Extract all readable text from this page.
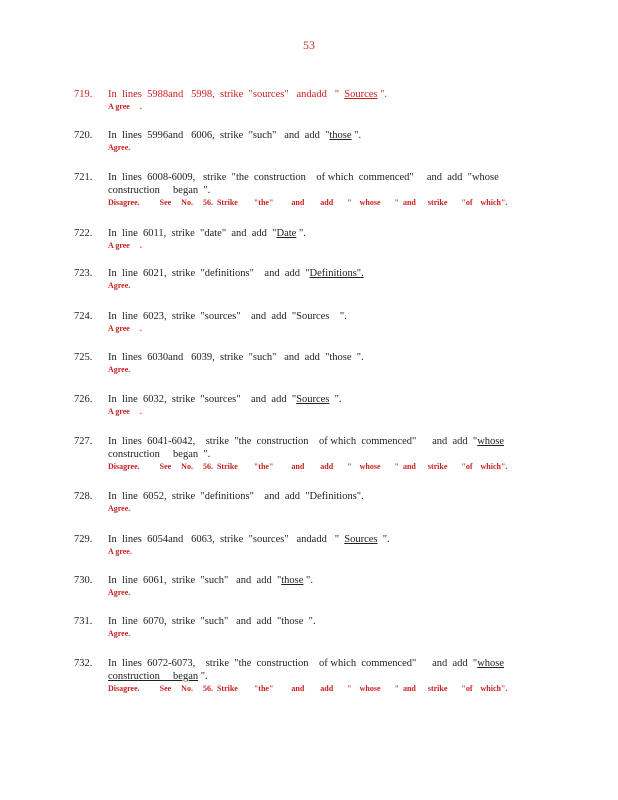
53
719.	In  lines  5988and   5998,  strike  "sources"   andadd   "  Sources ".
A gree     .
720.	In  lines  5996and   6006,  strike  "such"   and  add  "those ".
Agree.
721.	In  lines  6008-6009,   strike  "the  construction    of which  commenced"     and  add  "whose
construction     began  ".
Disagree.          See     No.     56.  Strike        "the"         and        add       "    whose       "  and      strike       "of    which".
722.	In  line  6011,  strike  "date"  and  add  "Date ".
A gree     .
723.	In  line  6021,  strike  "definitions"    and  add  "Definitions".
Agree.
724.	In  line  6023,  strike  "sources"    and  add  "Sources    ".
A gree     .
725.	In  lines  6030and   6039,  strike  "such"   and  add  "those  ".
Agree.
726.	In  line  6032,  strike  "sources"    and  add  "Sources  ".
A gree     .
727.	In  lines  6041-6042,    strike  "the  construction    of which  commenced"      and  add  "whose
construction     began  ".
Disagree.          See     No.     56.  Strike        "the"         and        add       "    whose       "  and      strike       "of    which".
728.	In  line  6052,  strike  "definitions"    and  add  "Definitions".
Agree.
729.	In  lines  6054and   6063,  strike  "sources"   andadd   "  Sources  ".
A gree.
730.	In  line  6061,  strike  "such"   and  add  "those ".
Agree.
731.	In  line  6070,  strike  "such"   and  add  "those  ".
Agree.
732.	In  lines  6072-6073,    strike  "the  construction    of which  commenced"      and  add  "whose
construction     began ".
Disagree.          See     No.     56.  Strike        "the"         and        add       "    whose       "  and      strike       "of    which".
